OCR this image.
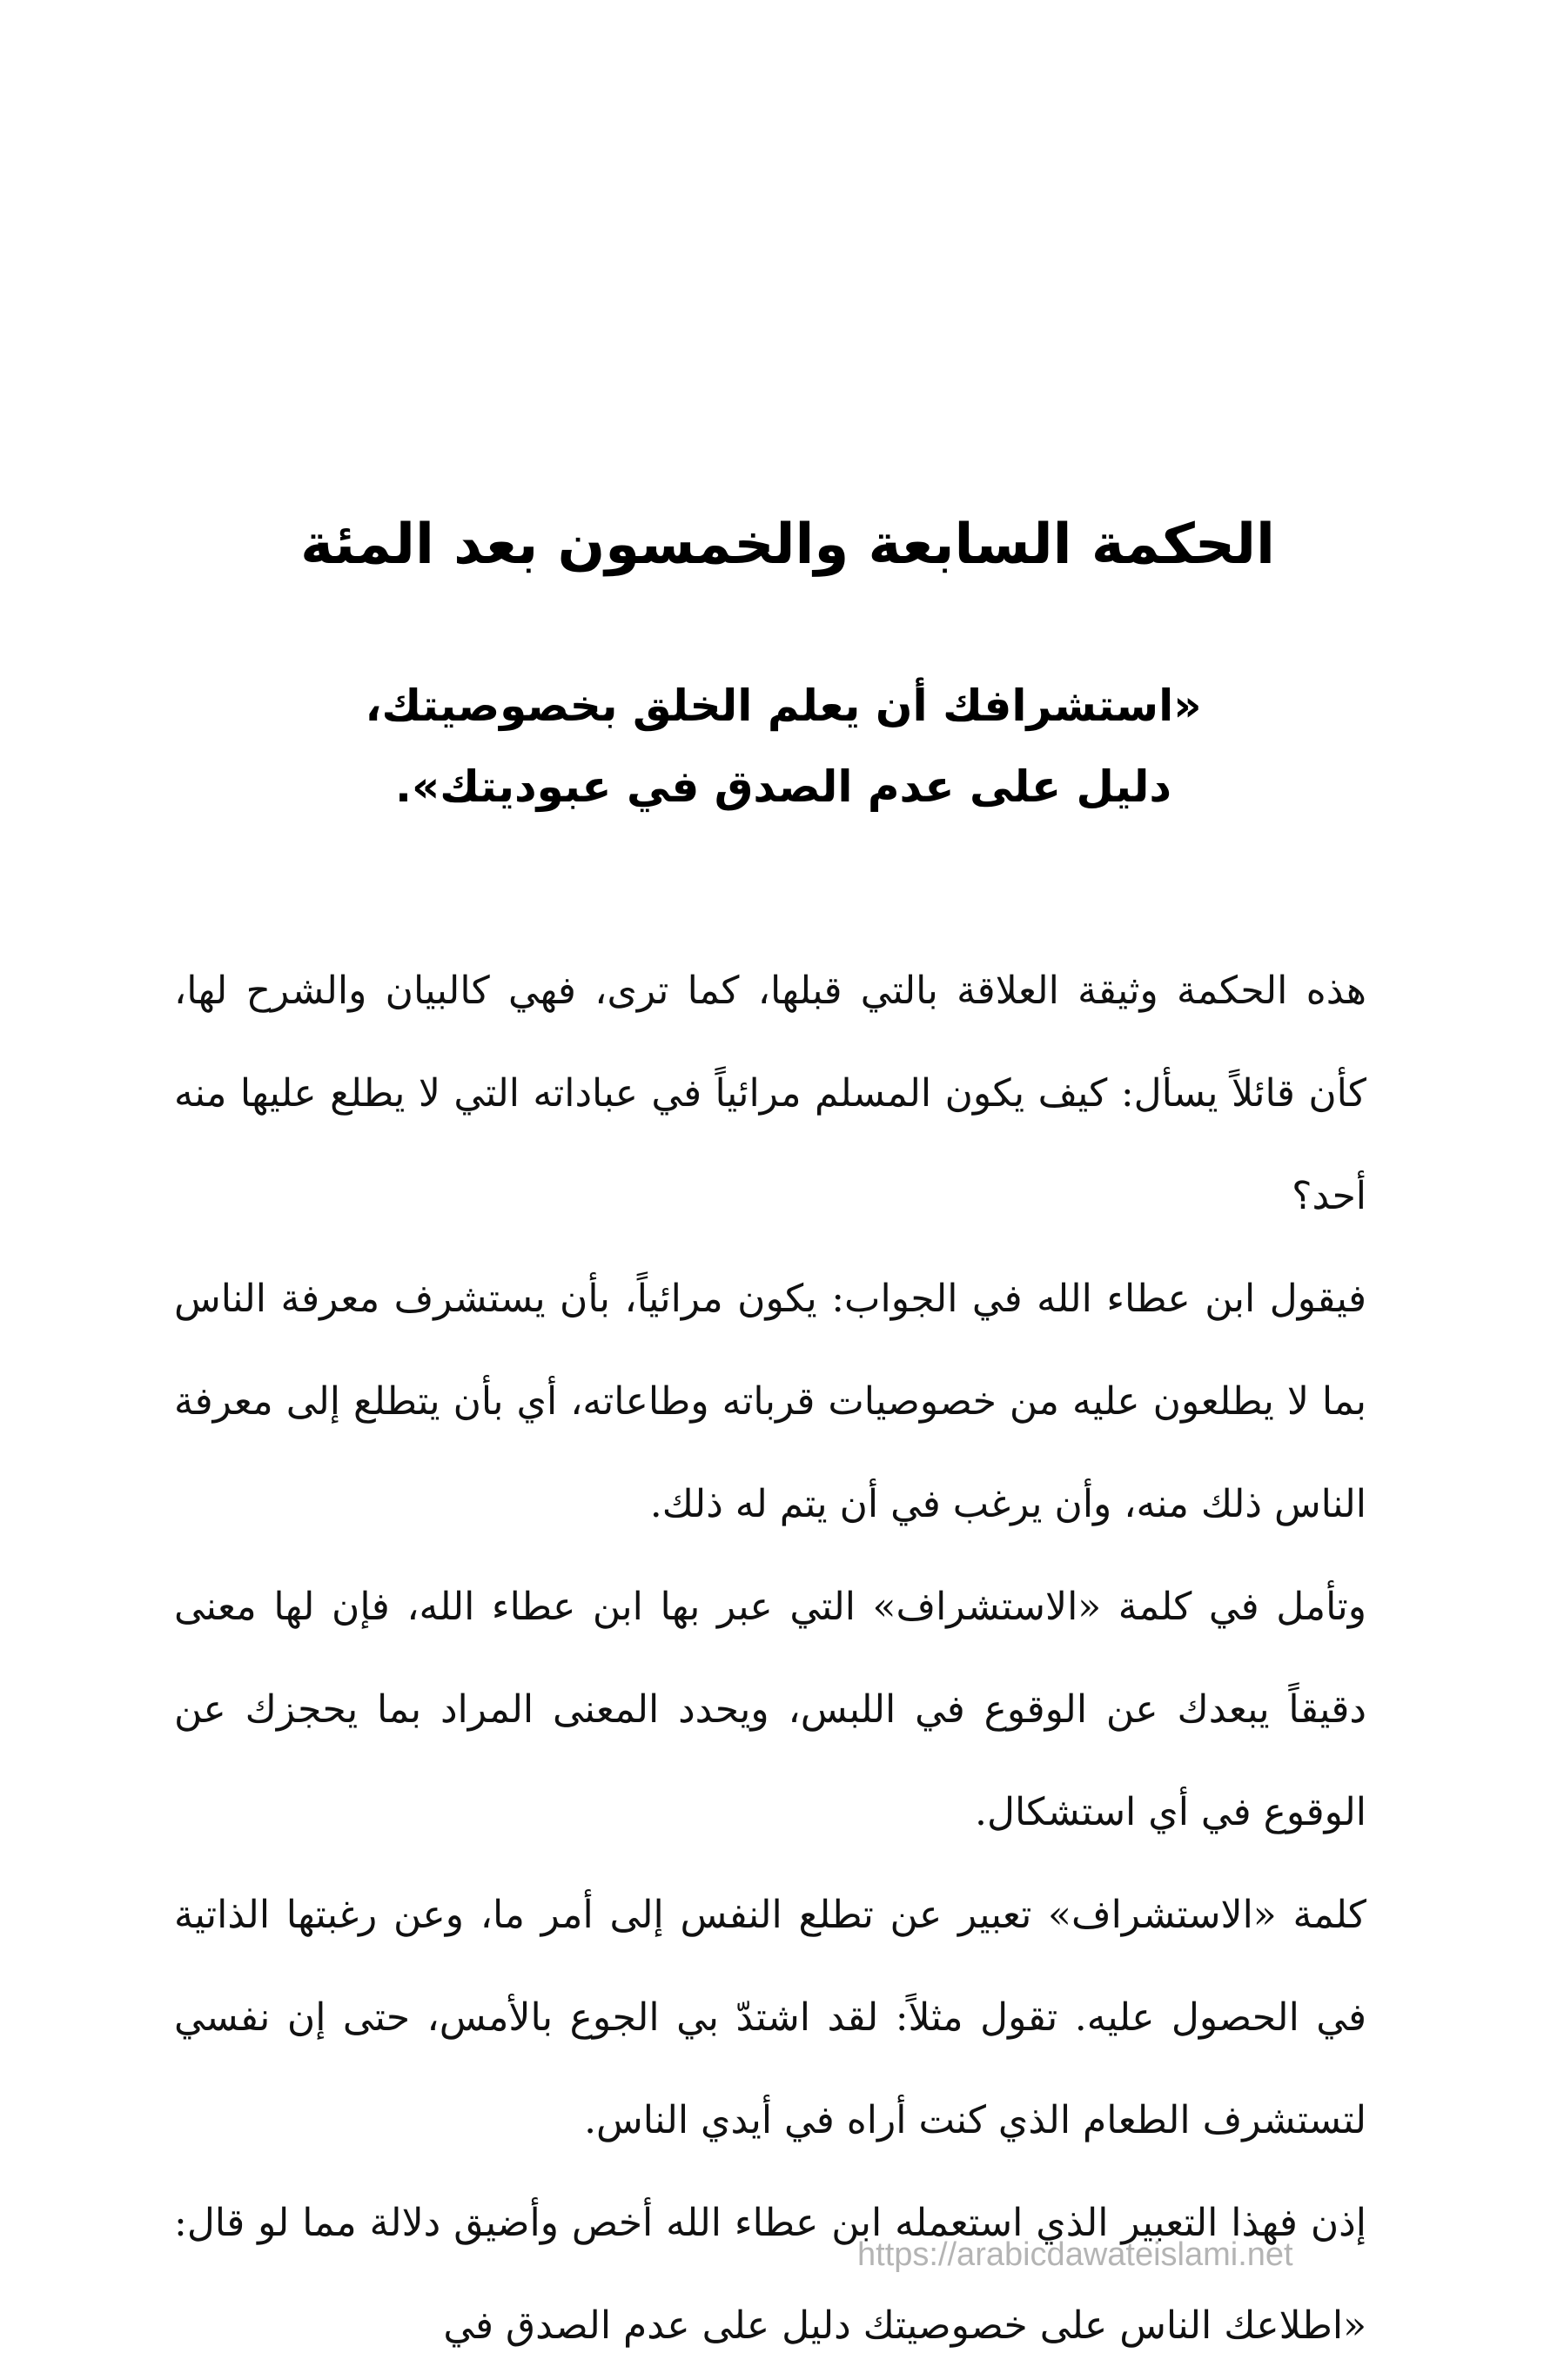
الحكمة السابعة والخمسون بعد المئة
«استشرافك أن يعلم الخلق بخصوصيتك،
دليل على عدم الصدق في عبوديتك».

هذه الحكمة وثيقة العلاقة بالتي قبلها، كما ترى، فهي كالبيان والشرح لها، كأن قائلاً يسأل: كيف يكون المسلم مرائياً في عباداته التي لا يطلع عليها منه أحد؟

فيقول ابن عطاء الله في الجواب: يكون مرائياً، بأن يستشرف معرفة الناس بما لا يطلعون عليه من خصوصيات قرباته وطاعاته، أي بأن يتطلع إلى معرفة الناس ذلك منه، وأن يرغب في أن يتم له ذلك.

وتأمل في كلمة «الاستشراف» التي عبر بها ابن عطاء الله، فإن لها معنى دقيقاً يبعدك عن الوقوع في اللبس، ويحدد المعنى المراد بما يحجزك عن الوقوع في أي استشكال.

كلمة «الاستشراف» تعبير عن تطلع النفس إلى أمر ما، وعن رغبتها الذاتية في الحصول عليه. تقول مثلاً: لقد اشتدّ بي الجوع بالأمس، حتى إن نفسي لتستشرف الطعام الذي كنت أراه في أيدي الناس.

إذن فهذا التعبير الذي استعمله ابن عطاء الله أخص وأضيق دلالة مما لو قال: «اطلاعك الناس على خصوصيتك دليل على عدم الصدق في

https://arabicdawateislami.net
